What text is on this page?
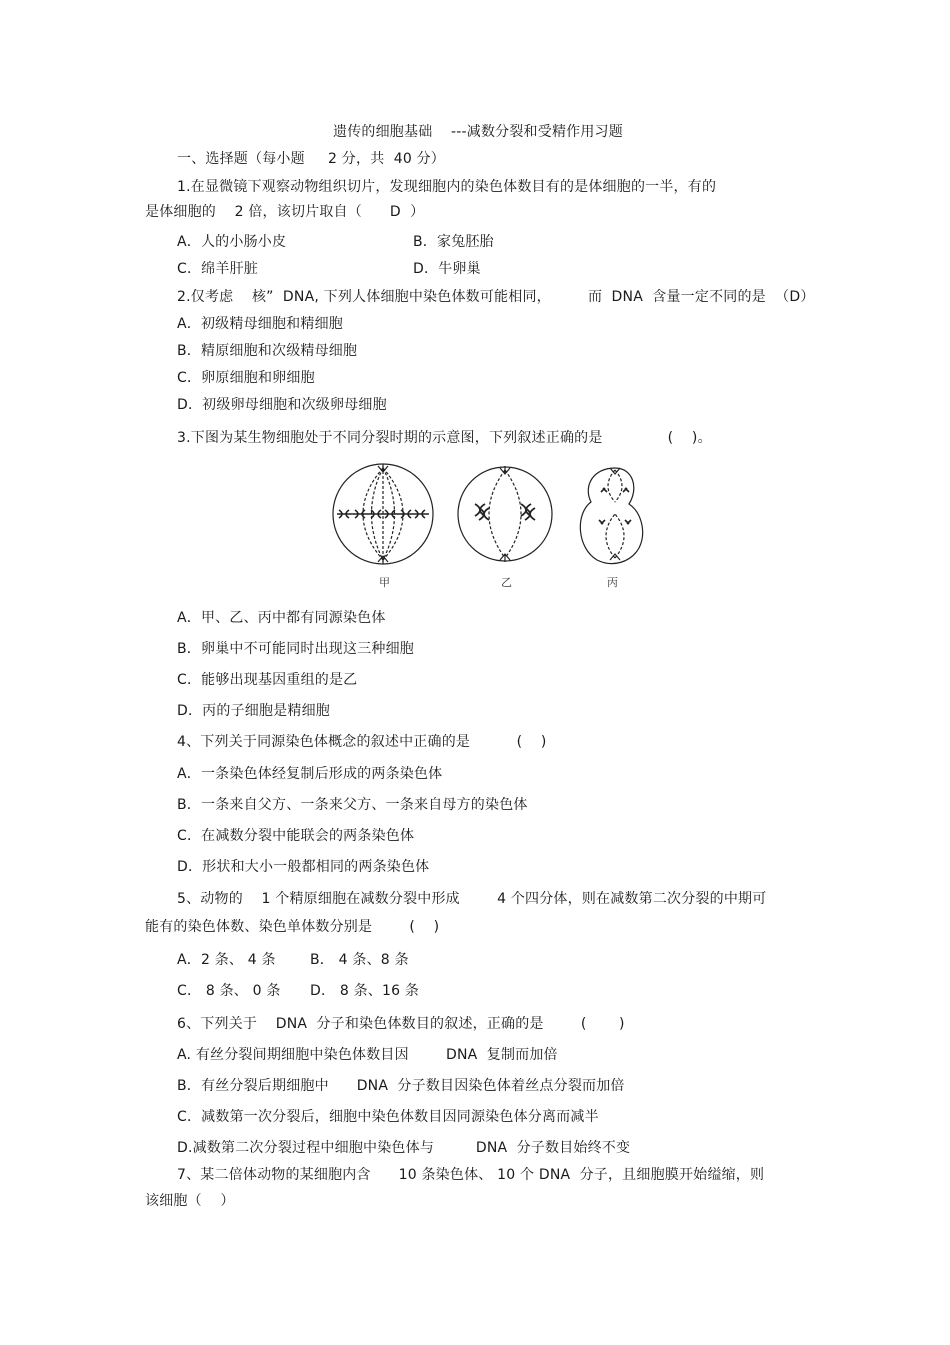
遗传的细胞基础    ---减数分裂和受精作用习题
一、选择题（每小题     2 分，共  40 分）
1.在显微镜下观察动物组织切片，发现细胞内的染色体数目有的是体细胞的一半，有的
是体细胞的    2 倍，该切片取自（      D  ）
A．人的小肠小皮	B．家兔胚胎
C．绵羊肝脏	D．牛卵巢
2.仅考虑    核”  DNA, 下列人体细胞中染色体数可能相同，        而  DNA  含量一定不同的是  （D）
A．初级精母细胞和精细胞
B．精原细胞和次级精母细胞
C．卵原细胞和卵细胞
D．初级卵母细胞和次级卵母细胞
3.下图为某生物细胞处于不同分裂时期的示意图，下列叙述正确的是              (    )。
甲	乙	丙
A．甲、乙、丙中都有同源染色体
B．卵巢中不可能同时出现这三种细胞
C．能够出现基因重组的是乙
D．丙的子细胞是精细胞
4、下列关于同源染色体概念的叙述中正确的是          (    )
A．一条染色体经复制后形成的两条染色体
B．一条来自父方、一条来父方、一条来自母方的染色体
C．在减数分裂中能联会的两条染色体
D．形状和大小一般都相同的两条染色体
5、动物的    1 个精原细胞在减数分裂中形成        4 个四分体，则在减数第二次分裂的中期可
能有的染色体数、染色单体数分别是        (    )
A．2 条、 4 条 B． 4 条、8 条
C． 8 条、 0 条 D． 8 条、16 条
6、下列关于    DNA  分子和染色体数目的叙述，正确的是        (       )
A. 有丝分裂间期细胞中染色体数目因        DNA  复制而加倍
B．有丝分裂后期细胞中      DNA  分子数目因染色体着丝点分裂而加倍
C．减数第一次分裂后，细胞中染色体数目因同源染色体分离而减半
D.减数第二次分裂过程中细胞中染色体与         DNA  分子数目始终不变
7、某二倍体动物的某细胞内含      10 条染色体、 10 个 DNA  分子，且细胞膜开始缢缩，则
该细胞（    ）
